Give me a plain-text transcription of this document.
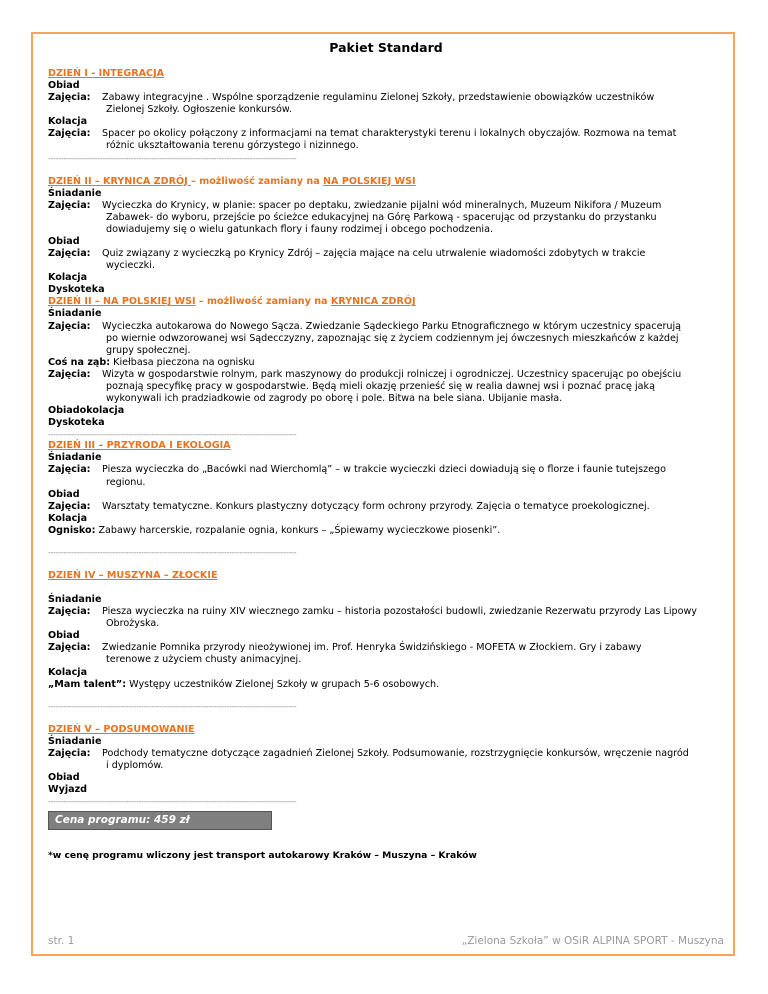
Pakiet Standard
DZIEŃ I - INTEGRACJA
Obiad
Zajęcia:	Zabawy integracyjne . Wspólne sporządzenie regulaminu Zielonej Szkoły, przedstawienie obowiązków uczestników
Zielonej Szkoły. Ogłoszenie konkursów.
Kolacja
Zajęcia:	Spacer po okolicy połączony z informacjami na temat charakterystyki terenu i lokalnych obyczajów. Rozmowa na temat
różnic ukształtowania terenu górzystego i nizinnego.
------------------------------------------------------------------------------------------------
DZIEŃ II – KRYNICA ZDRÓJ – możliwość zamiany na NA POLSKIEJ WSI
Śniadanie
Zajęcia:	Wycieczka do Krynicy, w planie: spacer po deptaku, zwiedzanie pijalni wód mineralnych, Muzeum Nikifora / Muzeum
Zabawek- do wyboru, przejście po ścieżce edukacyjnej na Górę Parkową - spacerując od przystanku do przystanku
dowiadujemy się o wielu gatunkach flory i fauny rodzimej i obcego pochodzenia.
Obiad
Zajęcia:	Quiz związany z wycieczką po Krynicy Zdrój – zajęcia mające na celu utrwalenie wiadomości zdobytych w trakcie
wycieczki.
Kolacja
Dyskoteka
DZIEŃ II – NA POLSKIEJ WSI – możliwość zamiany na KRYNICA ZDRÓJ
Śniadanie
Zajęcia:	Wycieczka autokarowa do Nowego Sącza. Zwiedzanie Sądeckiego Parku Etnograficznego w którym uczestnicy spacerują
po wiernie odwzorowanej wsi Sądecczyzny, zapoznając się z życiem codziennym jej ówczesnych mieszkańców z każdej
grupy społecznej.
Coś na ząb: Kiełbasa pieczona na ognisku
Zajęcia:	Wizyta w gospodarstwie rolnym, park maszynowy do produkcji rolniczej i ogrodniczej. Uczestnicy spacerując po obejściu
poznają specyfikę pracy w gospodarstwie. Będą mieli okazję przenieść się w realia dawnej wsi i poznać pracę jaką
wykonywali ich pradziadkowie od zagrody po oborę i pole. Bitwa na bele siana. Ubijanie masła.
Obiadokolacja
Dyskoteka
------------------------------------------------------------------------------------------------
DZIEŃ III – PRZYRODA I EKOLOGIA
Śniadanie
Zajęcia:	Piesza wycieczka do „Bacówki nad Wierchomlą” – w trakcie wycieczki dzieci dowiadują się o florze i faunie tutejszego
regionu.
Obiad
Zajęcia:	Warsztaty tematyczne. Konkurs plastyczny dotyczący form ochrony przyrody. Zajęcia o tematyce proekologicznej.
Kolacja
Ognisko: Zabawy harcerskie, rozpalanie ognia, konkurs – „Śpiewamy wycieczkowe piosenki”.
------------------------------------------------------------------------------------------------
DZIEŃ IV – MUSZYNA – ZŁOCKIE
Śniadanie
Zajęcia:	Piesza wycieczka na ruiny XIV wiecznego zamku – historia pozostałości budowli, zwiedzanie Rezerwatu przyrody Las Lipowy
Obrożyska.
Obiad
Zajęcia:	Zwiedzanie Pomnika przyrody nieożywionej im. Prof. Henryka Świdzińskiego - MOFETA w Złockiem. Gry i zabawy
terenowe z użyciem chusty animacyjnej.
Kolacja
„Mam talent”: Występy uczestników Zielonej Szkoły w grupach 5-6 osobowych.
------------------------------------------------------------------------------------------------
DZIEŃ V – PODSUMOWANIE
Śniadanie
Zajęcia:	Podchody tematyczne dotyczące zagadnień Zielonej Szkoły. Podsumowanie, rozstrzygnięcie konkursów, wręczenie nagród
i dyplomów.
Obiad
Wyjazd
------------------------------------------------------------------------------------------------
Cena programu: 459 zł
*w cenę programu wliczony jest transport autokarowy Kraków – Muszyna – Kraków
str. 1	„Zielona Szkoła” w OSiR ALPINA SPORT - Muszyna
